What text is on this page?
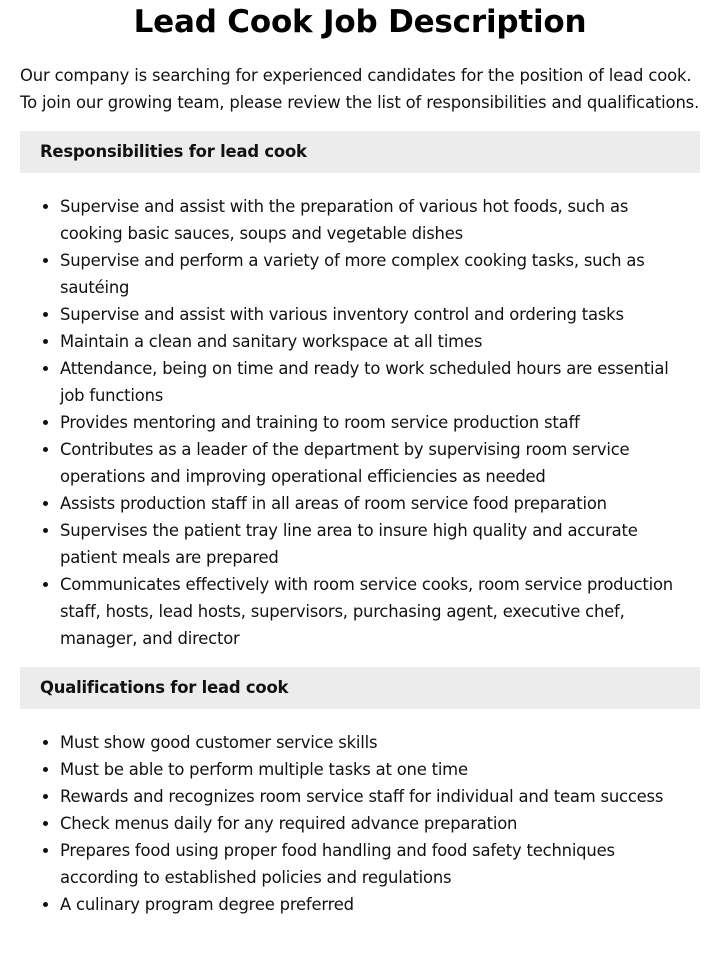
Lead Cook Job Description

Our company is searching for experienced candidates for the position of lead cook. To join our growing team, please review the list of responsibilities and qualifications.

Responsibilities for lead cook
• Supervise and assist with the preparation of various hot foods, such as cooking basic sauces, soups and vegetable dishes
• Supervise and perform a variety of more complex cooking tasks, such as sautéing
• Supervise and assist with various inventory control and ordering tasks
• Maintain a clean and sanitary workspace at all times
• Attendance, being on time and ready to work scheduled hours are essential job functions
• Provides mentoring and training to room service production staff
• Contributes as a leader of the department by supervising room service operations and improving operational efficiencies as needed
• Assists production staff in all areas of room service food preparation
• Supervises the patient tray line area to insure high quality and accurate patient meals are prepared
• Communicates effectively with room service cooks, room service production staff, hosts, lead hosts, supervisors, purchasing agent, executive chef, manager, and director
Qualifications for lead cook
• Must show good customer service skills
• Must be able to perform multiple tasks at one time
• Rewards and recognizes room service staff for individual and team success
• Check menus daily for any required advance preparation
• Prepares food using proper food handling and food safety techniques according to established policies and regulations
• A culinary program degree preferred
